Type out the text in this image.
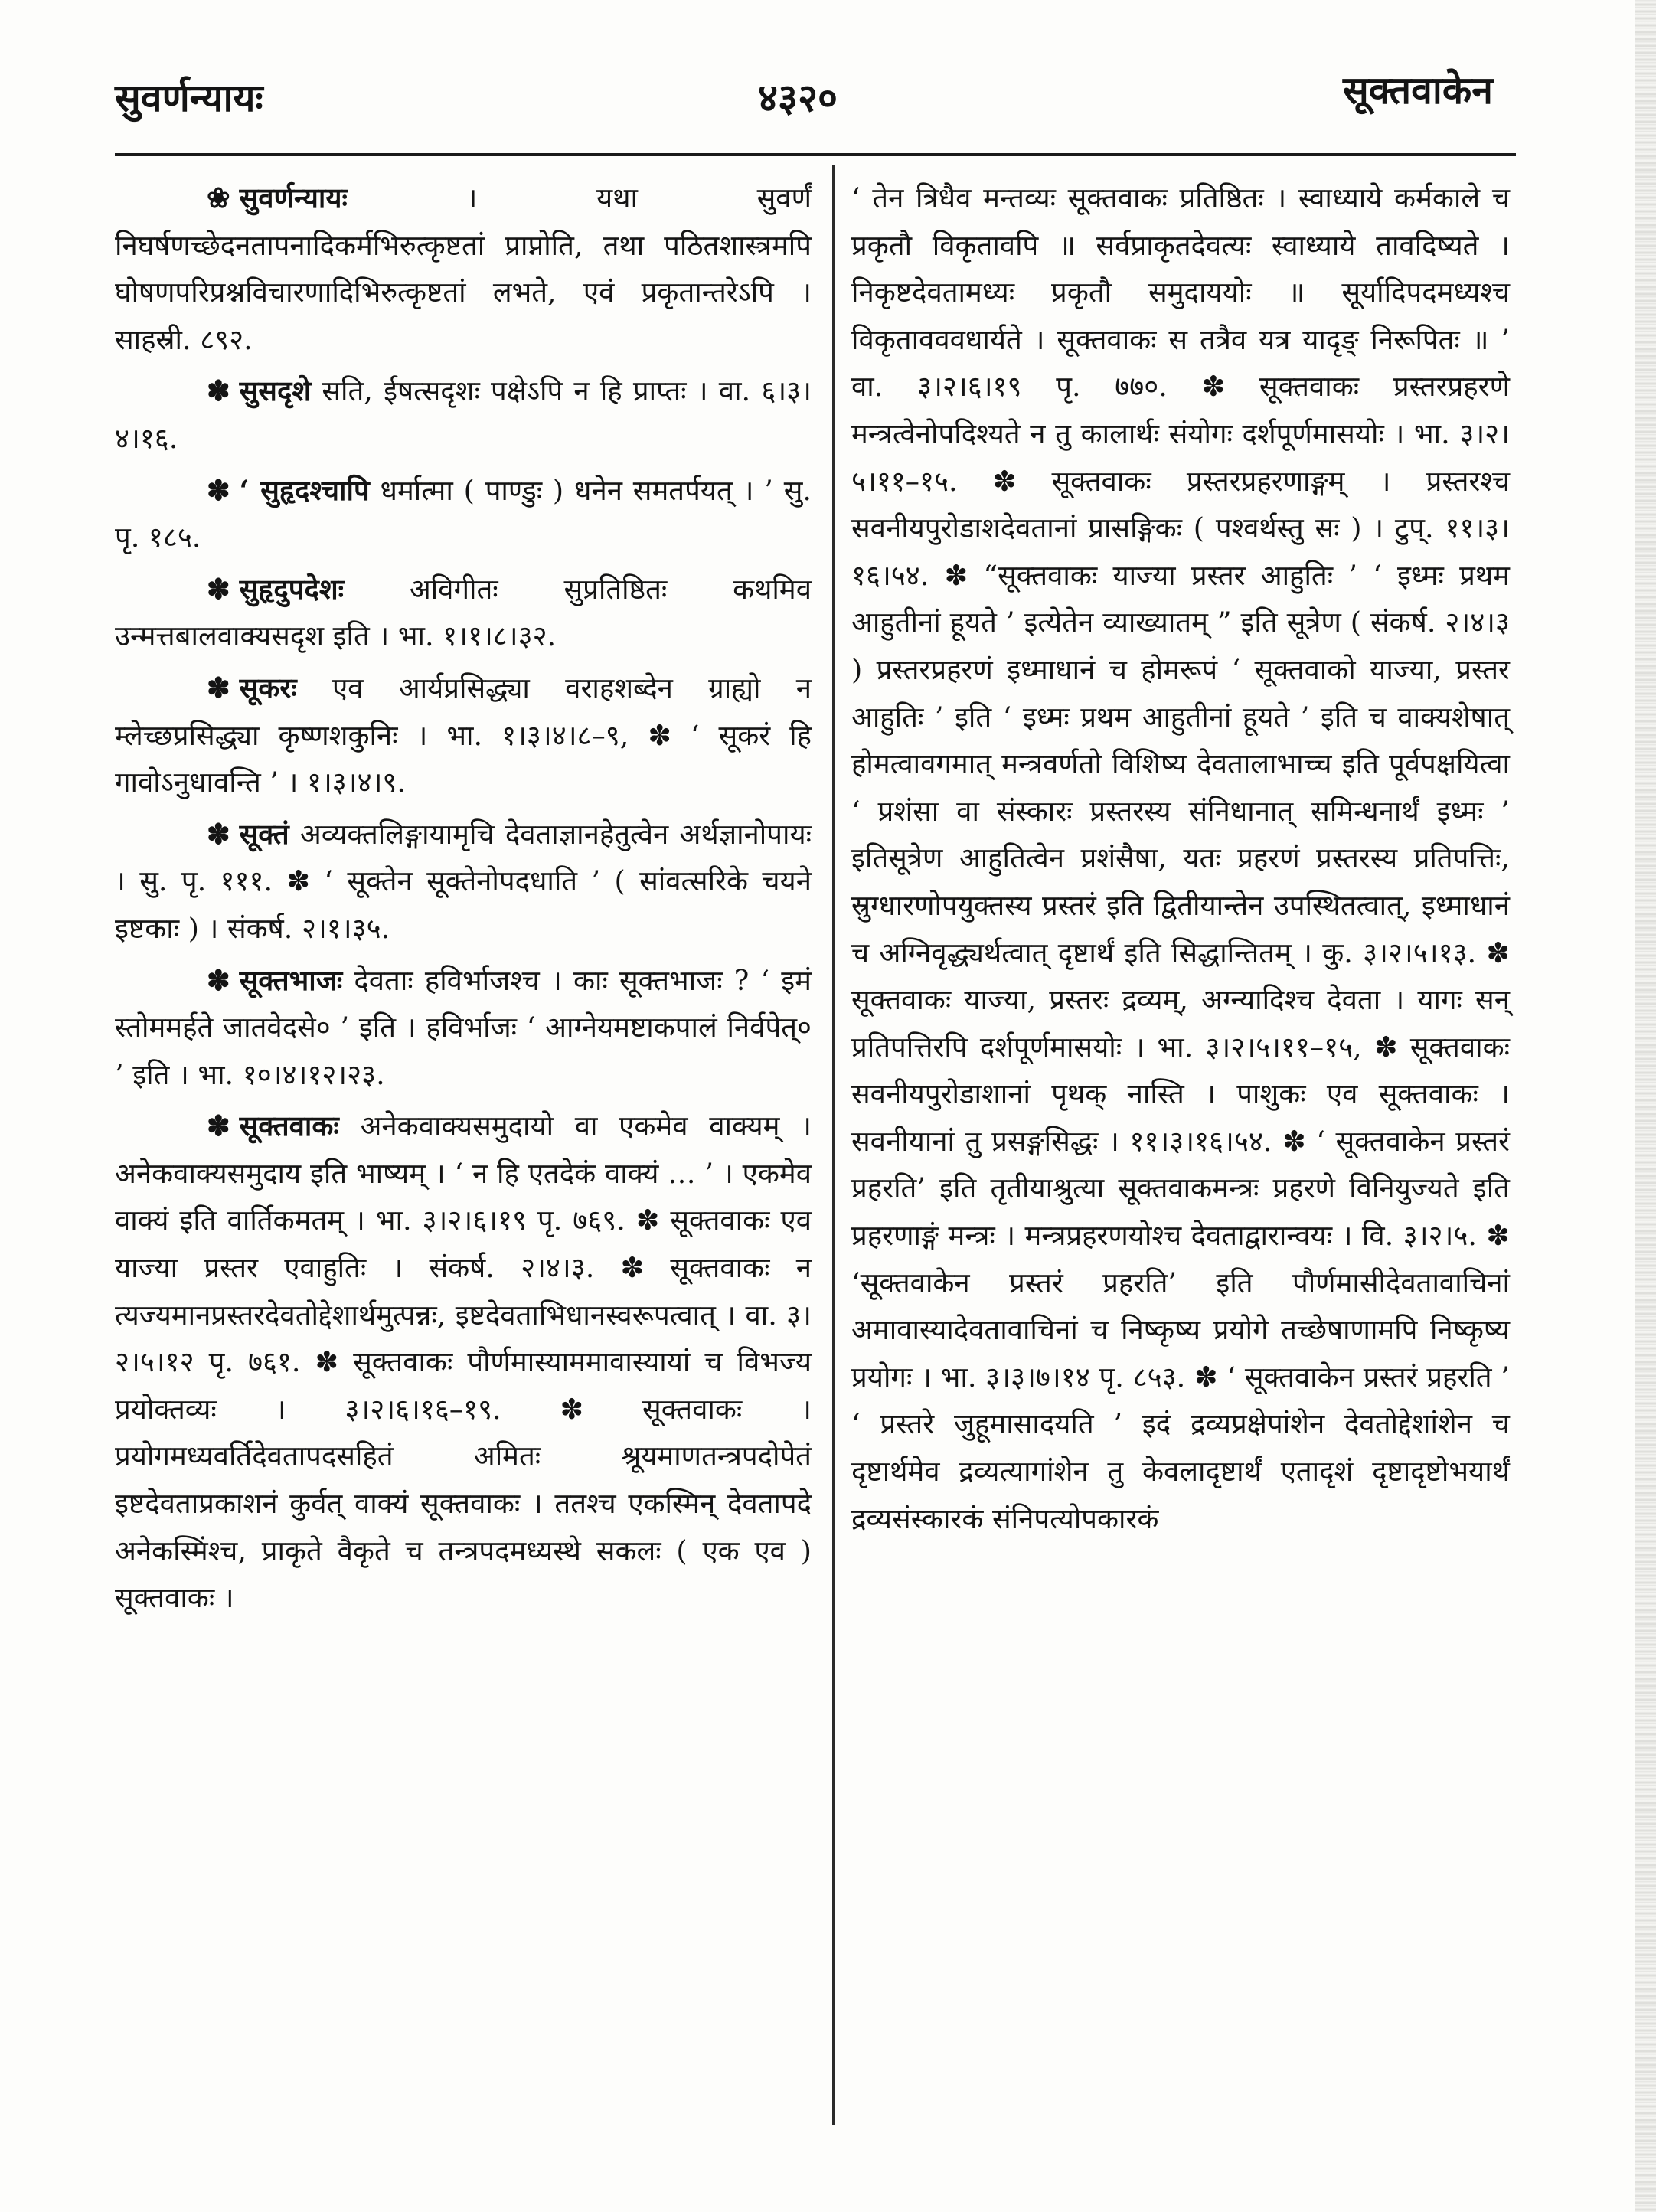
सुवर्णन्यायः	४३२०	सूक्तवाकेन

❀ सुवर्णन्यायः	। यथा सुवर्णं निघर्षणच्छेदनतापनादिकर्मभिरुत्कृष्टतां प्राप्नोति, तथा पठितशास्त्रमपि घोषणपरिप्रश्नविचारणादिभिरुत्कृष्टतां लभते, एवं प्रकृतान्तरेऽपि । साहस्री. ८९२.

✽ सुसदृशे सति, ईषत्सदृशः पक्षेऽपि न हि प्राप्तः । वा. ६।३।४।१६.

✽ ‘ सुहृदश्चापि धर्मात्मा ( पाण्डुः ) धनेन समतर्पयत् । ’ सु. पृ. १८५.

✽ सुहृदुपदेशः अविगीतः सुप्रतिष्ठितः कथमिव उन्मत्तबालवाक्यसदृश इति । भा. १।१।८।३२.

✽ सूकरः एव आर्यप्रसिद्ध्या वराहशब्देन ग्राह्यो न म्लेच्छप्रसिद्ध्या कृष्णशकुनिः । भा. १।३।४।८–९, ✽ ‘ सूकरं हि गावोऽनुधावन्ति ’ । १।३।४।९.

✽ सूक्तं अव्यक्तलिङ्गायामृचि देवताज्ञानहेतुत्वेन अर्थज्ञानोपायः । सु. पृ. १११. ✽ ‘ सूक्तेन सूक्तेनोपदधाति ’ ( सांवत्सरिके चयने इष्टकाः ) । संकर्ष. २।१।३५.

✽ सूक्तभाजः देवताः हविर्भाजश्च । काः सूक्तभाजः ? ‘ इमं स्तोममर्हते जातवेदसे० ’ इति । हविर्भाजः ‘ आग्नेयमष्टाकपालं निर्वपेत्० ’ इति । भा. १०।४।१२।२३.

✽ सूक्तवाकः अनेकवाक्यसमुदायो वा एकमेव वाक्यम् । अनेकवाक्यसमुदाय इति भाष्यम् । ‘ न हि एतदेकं वाक्यं … ’ । एकमेव वाक्यं इति वार्तिकमतम् । भा. ३।२।६।१९ पृ. ७६९. ✽ सूक्तवाकः एव याज्या प्रस्तर एवाहुतिः । संकर्ष. २।४।३. ✽ सूक्तवाकः न त्यज्यमानप्रस्तरदेवतोद्देशार्थमुत्पन्नः, इष्टदेवताभिधानस्वरूपत्वात् । वा. ३।२।५।१२ पृ. ७६१. ✽ सूक्तवाकः पौर्णमास्याममावास्यायां च विभज्य प्रयोक्तव्यः । ३।२।६।१६–१९. ✽ सूक्तवाकः । प्रयोगमध्यवर्तिदेवतापदसहितं अमितः श्रूयमाणतन्त्रपदोपेतं इष्टदेवताप्रकाशनं कुर्वत् वाक्यं सूक्तवाकः । ततश्च एकस्मिन् देवतापदे अनेकस्मिंश्च, प्राकृते वैकृते च तन्त्रपदमध्यस्थे सकलः ( एक एव ) सूक्तवाकः ।

‘ तेन त्रिधैव मन्तव्यः सूक्तवाकः प्रतिष्ठितः । स्वाध्याये कर्मकाले च प्रकृतौ विकृतावपि ॥ सर्वप्राकृतदेवत्यः स्वाध्याये तावदिष्यते । निकृष्टदेवतामध्यः प्रकृतौ समुदाययोः ॥ सूर्यादिपदमध्यश्च विकृतावववधार्यते । सूक्तवाकः स तत्रैव यत्र यादृङ् निरूपितः ॥ ’ वा. ३।२।६।१९ पृ. ७७०. ✽ सूक्तवाकः प्रस्तरप्रहरणे मन्त्रत्वेनोपदिश्यते न तु कालार्थः संयोगः दर्शपूर्णमासयोः । भा. ३।२।५।११–१५. ✽ सूक्तवाकः प्रस्तरप्रहरणाङ्गम् । प्रस्तरश्च सवनीयपुरोडाशदेवतानां प्रासङ्गिकः ( पश्वर्थस्तु सः ) । टुप्. ११।३।१६।५४. ✽ “सूक्तवाकः याज्या प्रस्तर आहुतिः ’ ‘ इध्मः प्रथम आहुतीनां हूयते ’ इत्येतेन व्याख्यातम् ” इति सूत्रेण ( संकर्ष. २।४।३ ) प्रस्तरप्रहरणं इध्माधानं च होमरूपं ‘ सूक्तवाको याज्या, प्रस्तर आहुतिः ’ इति ‘ इध्मः प्रथम आहुतीनां हूयते ’ इति च वाक्यशेषात् होमत्वावगमात् मन्त्रवर्णतो विशिष्य देवतालाभाच्च इति पूर्वपक्षयित्वा ‘ प्रशंसा वा संस्कारः प्रस्तरस्य संनिधानात् समिन्धनार्थं इध्मः ’ इतिसूत्रेण आहुतित्वेन प्रशंसैषा, यतः प्रहरणं प्रस्तरस्य प्रतिपत्तिः, स्रुग्धारणोपयुक्तस्य प्रस्तरं इति द्वितीयान्तेन उपस्थितत्वात्, इध्माधानं च अग्निवृद्ध्यर्थत्वात् दृष्टार्थं इति सिद्धान्तितम् । कु. ३।२।५।१३. ✽ सूक्तवाकः याज्या, प्रस्तरः द्रव्यम्, अग्न्यादिश्च देवता । यागः सन् प्रतिपत्तिरपि दर्शपूर्णमासयोः । भा. ३।२।५।११–१५, ✽ सूक्तवाकः सवनीयपुरोडाशानां पृथक् नास्ति । पाशुकः एव सूक्तवाकः । सवनीयानां तु प्रसङ्गसिद्धः । ११।३।१६।५४. ✽ ‘ सूक्तवाकेन प्रस्तरं प्रहरति’ इति तृतीयाश्रुत्या सूक्तवाकमन्त्रः प्रहरणे विनियुज्यते इति प्रहरणाङ्गं मन्त्रः । मन्त्रप्रहरणयोश्च देवताद्वारान्वयः । वि. ३।२।५. ✽ ‘सूक्तवाकेन प्रस्तरं प्रहरति’ इति पौर्णमासीदेवतावाचिनां अमावास्यादेवतावाचिनां च निष्कृष्य प्रयोगे तच्छेषाणामपि निष्कृष्य प्रयोगः । भा. ३।३।७।१४ पृ. ८५३. ✽ ‘ सूक्तवाकेन प्रस्तरं प्रहरति ’ ‘ प्रस्तरे जुहूमासादयति ’ इदं द्रव्यप्रक्षेपांशेन देवतोद्देशांशेन च दृष्टार्थमेव द्रव्यत्यागांशेन तु केवलादृष्टार्थं एतादृशं दृष्टादृष्टोभयार्थं द्रव्यसंस्कारकं संनिपत्योपकारकं
